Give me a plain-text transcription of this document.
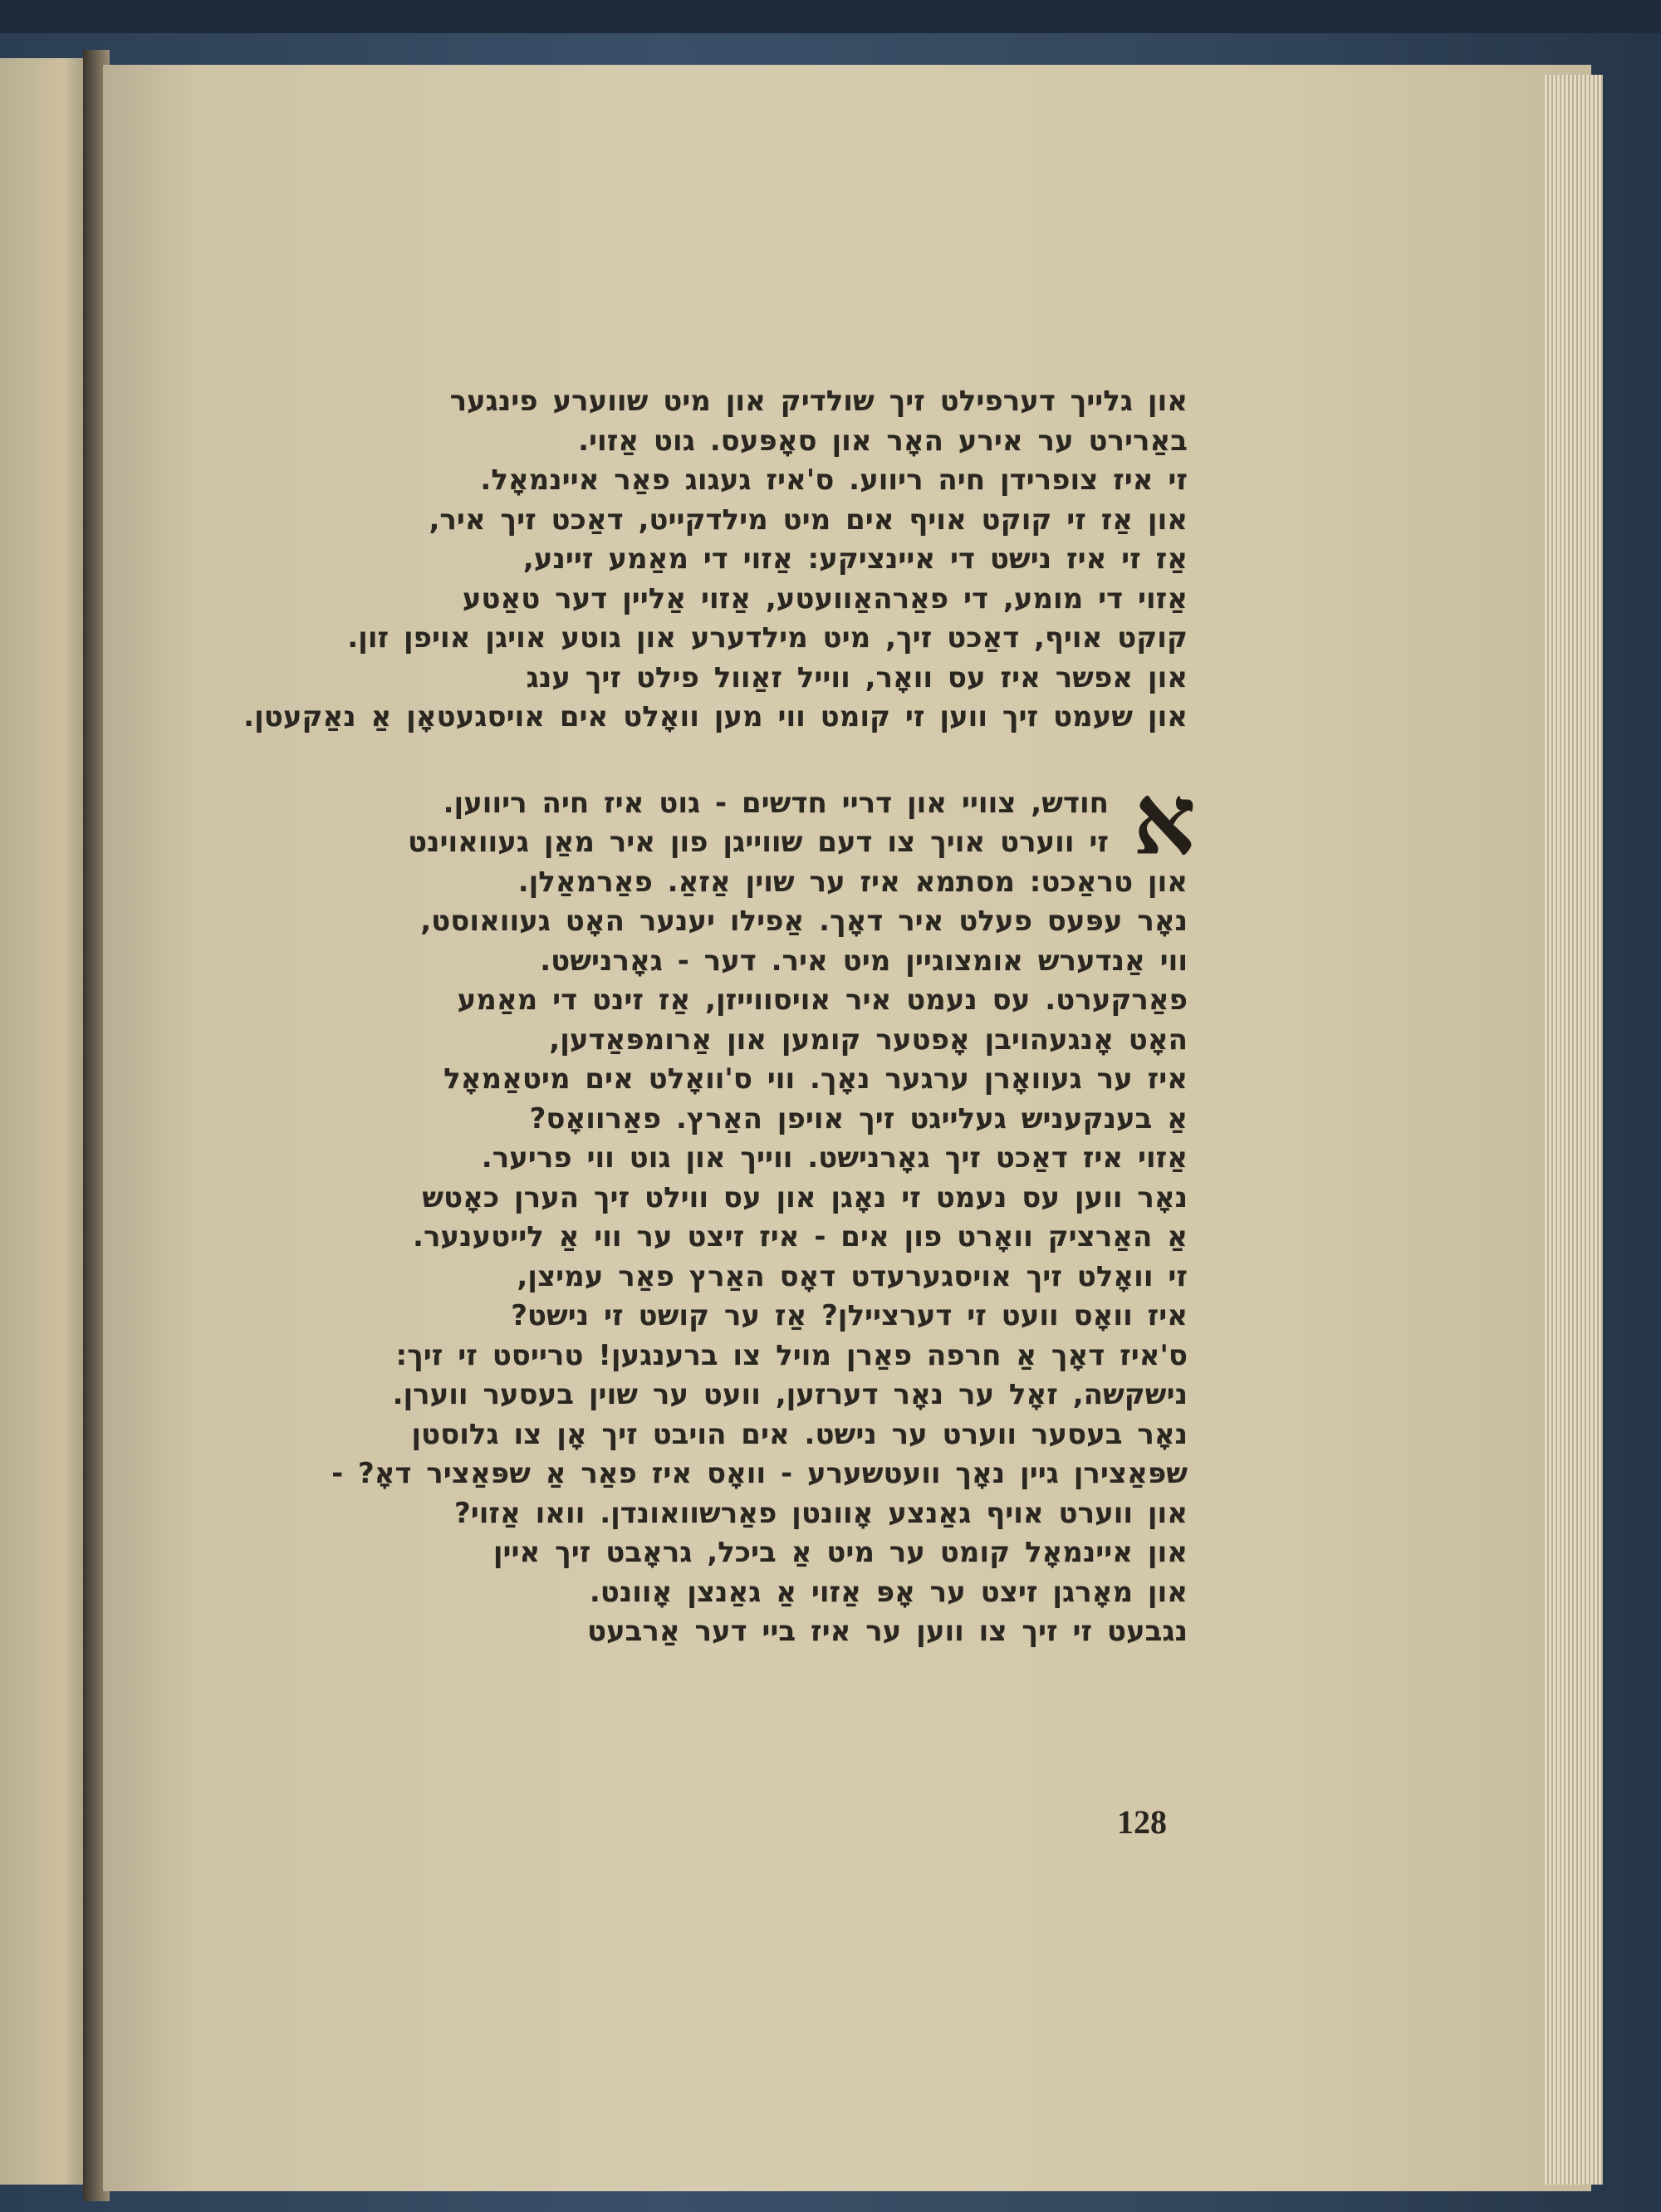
און גלייך דערפילט זיך שולדיק און מיט שווערע פינגער
באַרירט ער אירע האָר און סאָפּעס. גוט אַזוי.
זי איז צופרידן חיה ריווע. ס'איז געגוג פאַר איינמאָל.
און אַז זי קוקט אויף אים מיט מילדקייט, דאַכט זיך איר,
אַז זי איז נישט די איינציקע: אַזוי די מאַמע זיינע,
אַזוי די מומע, די פאַרהאַוועטע, אַזוי אַליין דער טאַטע
קוקט אויף, דאַכט זיך, מיט מילדערע און גוטע אויגן אויפן זון.
און אפשר איז עס וואָר, ווייל זאַוול פילט זיך ענג
און שעמט זיך ווען זי קומט ווי מען וואָלט אים אויסגעטאָן אַ נאַקעטן.
א
חודש, צוויי און דריי חדשים - גוט איז חיה ריווען.
זי ווערט אויך צו דעם שווייגן פון איר מאַן געוואוינט
און טראַכט: מסתמא איז ער שוין אַזאַ. פאַרמאַלן.
נאָר עפּעס פעלט איר דאָך. אַפילו יענער האָט געוואוסט,
ווי אַנדערש אומצוגיין מיט איר. דער - גאָרנישט.
פאַרקערט. עס נעמט איר אויסווייזן, אַז זינט די מאַמע
האָט אָנגעהויבן אָפטער קומען און אַרומפּאַדען,
איז ער געוואָרן ערגער נאָך. ווי ס'וואָלט אים מיטאַמאָל
אַ בענקעניש געלייגט זיך אויפן האַרץ. פאַרוואָס?
אַזוי איז דאַכט זיך גאָרנישט. ווייך און גוט ווי פריער.
נאָר ווען עס נעמט זי נאָגן און עס ווילט זיך הערן כאָטש
אַ האַרציק וואָרט פון אים - איז זיצט ער ווי אַ לייטענער.
זי וואָלט זיך אויסגערעדט דאָס האַרץ פאַר עמיצן,
איז וואָס וועט זי דערציילן? אַז ער קושט זי נישט?
ס'איז דאָך אַ חרפה פאַרן מויל צו ברענגען! טרייסט זי זיך:
נישקשה, זאָל ער נאָר דערזען, וועט ער שוין בעסער ווערן.
נאָר בעסער ווערט ער נישט. אים הויבט זיך אָן צו גלוסטן
שפּאַצירן גיין נאָך וועטשערע - וואָס איז פאַר אַ שפּאַציר דאָ? -
און ווערט אויף גאַנצע אָוונטן פאַרשוואונדן. וואו אַזוי?
און איינמאָל קומט ער מיט אַ ביכל, גראָבט זיך איין
און מאָרגן זיצט ער אָפּ אַזוי אַ גאַנצן אָוונט.
נגבעט זי זיך צו ווען ער איז ביי דער אַרבעט
128
